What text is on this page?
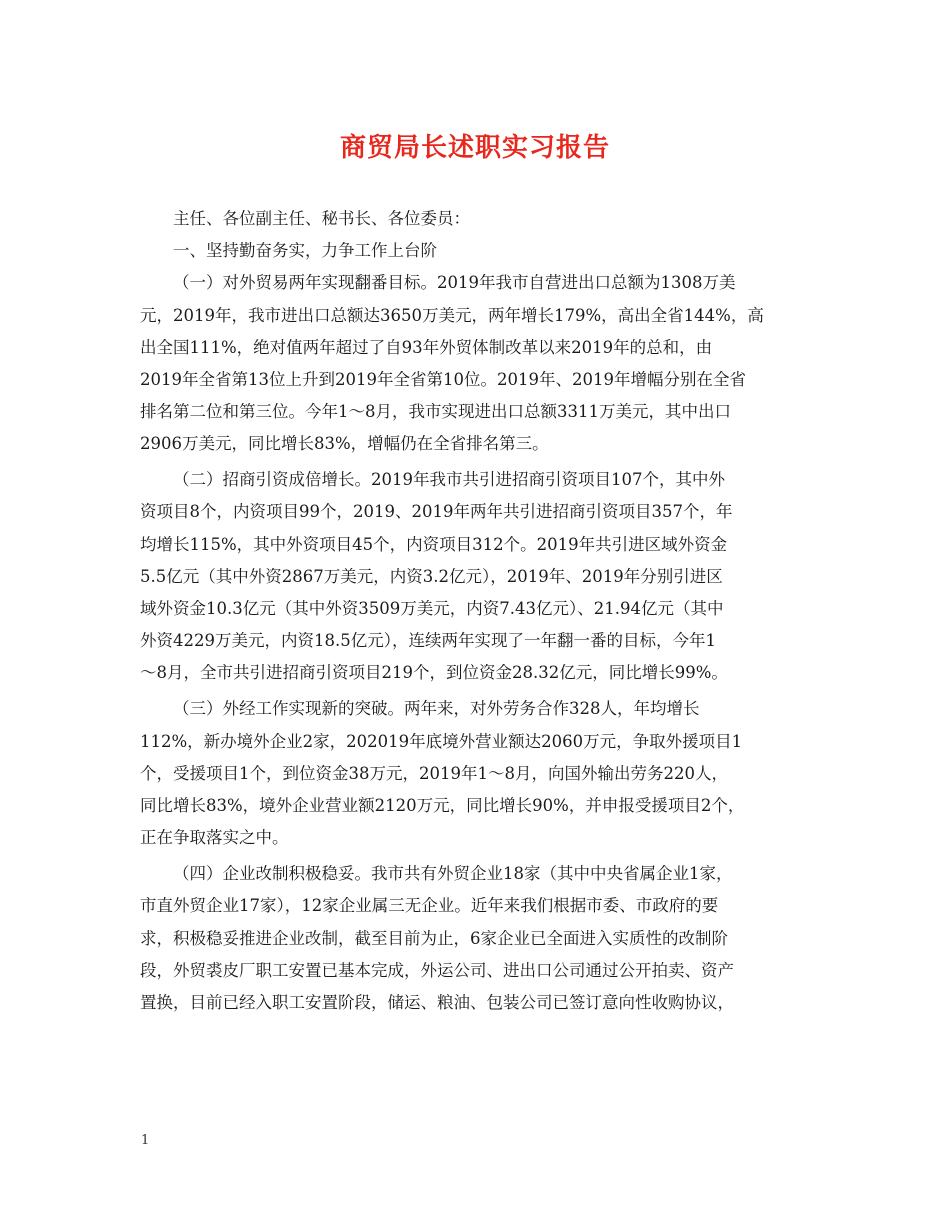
商贸局长述职实习报告
主任、各位副主任、秘书长、各位委员：
一、坚持勤奋务实，力争工作上台阶
（一）对外贸易两年实现翻番目标。2019年我市自营进出口总额为1308万美
元，2019年，我市进出口总额达3650万美元，两年增长179%，高出全省144%，高
出全国111%，绝对值两年超过了自93年外贸体制改革以来2019年的总和，由
2019年全省第13位上升到2019年全省第10位。2019年、2019年增幅分别在全省
排名第二位和第三位。今年1～8月，我市实现进出口总额3311万美元，其中出口
2906万美元，同比增长83%，增幅仍在全省排名第三。
（二）招商引资成倍增长。2019年我市共引进招商引资项目107个，其中外
资项目8个，内资项目99个，2019、2019年两年共引进招商引资项目357个，年
均增长115%，其中外资项目45个，内资项目312个。2019年共引进区域外资金
5.5亿元（其中外资2867万美元，内资3.2亿元），2019年、2019年分别引进区
域外资金10.3亿元（其中外资3509万美元，内资7.43亿元）、21.94亿元（其中
外资4229万美元，内资18.5亿元），连续两年实现了一年翻一番的目标，今年1
～8月，全市共引进招商引资项目219个，到位资金28.32亿元，同比增长99%。
（三）外经工作实现新的突破。两年来，对外劳务合作328人，年均增长
112%，新办境外企业2家，202019年底境外营业额达2060万元，争取外援项目1
个，受援项目1个，到位资金38万元，2019年1～8月，向国外输出劳务220人，
同比增长83%，境外企业营业额2120万元，同比增长90%，并申报受援项目2个，
正在争取落实之中。
（四）企业改制积极稳妥。我市共有外贸企业18家（其中中央省属企业1家，
市直外贸企业17家），12家企业属三无企业。近年来我们根据市委、市政府的要
求，积极稳妥推进企业改制，截至目前为止，6家企业已全面进入实质性的改制阶
段，外贸裘皮厂职工安置已基本完成，外运公司、进出口公司通过公开拍卖、资产
置换，目前已经入职工安置阶段，储运、粮油、包装公司已签订意向性收购协议，
1
